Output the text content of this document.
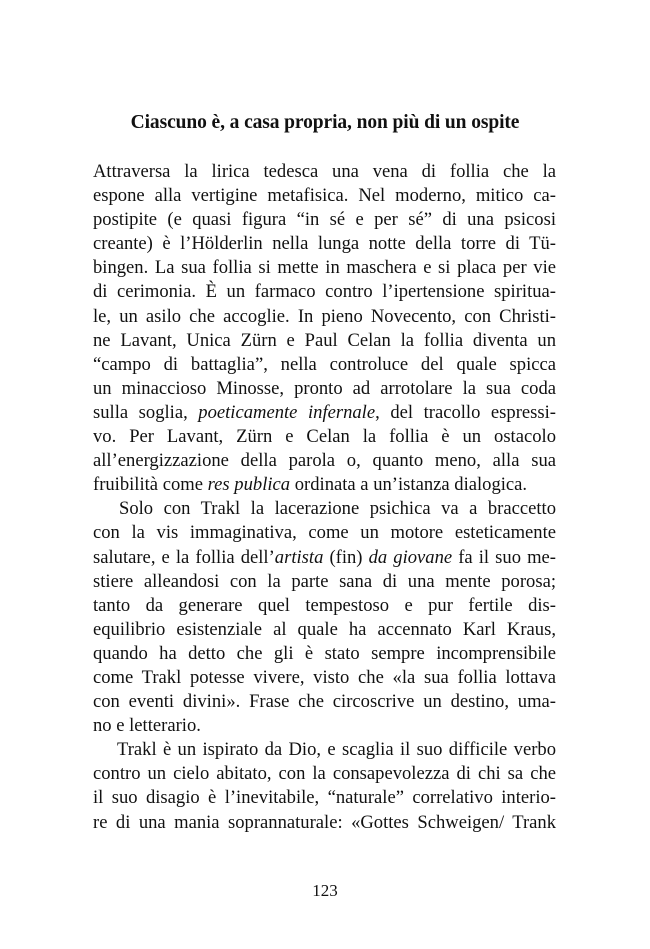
Ciascuno è, a casa propria, non più di un ospite
Attraversa la lirica tedesca una vena di follia che la
espone alla vertigine metafisica. Nel moderno, mitico ca-
postipite (e quasi figura “in sé e per sé” di una psicosi
creante) è l’Hölderlin nella lunga notte della torre di Tü-
bingen. La sua follia si mette in maschera e si placa per vie
di cerimonia. È un farmaco contro l’ipertensione spiritua-
le, un asilo che accoglie. In pieno Novecento, con Christi-
ne Lavant, Unica Zürn e Paul Celan la follia diventa un
“campo di battaglia”, nella controluce del quale spicca
un minaccioso Minosse, pronto ad arrotolare la sua coda
sulla soglia, poeticamente infernale, del tracollo espressi-
vo. Per Lavant, Zürn e Celan la follia è un ostacolo
all’energizzazione della parola o, quanto meno, alla sua
fruibilità come res publica ordinata a un’istanza dialogica.
Solo con Trakl la lacerazione psichica va a braccetto
con la vis immaginativa, come un motore esteticamente
salutare, e la follia dell’artista (fin) da giovane fa il suo me-
stiere alleandosi con la parte sana di una mente porosa;
tanto da generare quel tempestoso e pur fertile dis-
equilibrio esistenziale al quale ha accennato Karl Kraus,
quando ha detto che gli è stato sempre incomprensibile
come Trakl potesse vivere, visto che «la sua follia lottava
con eventi divini». Frase che circoscrive un destino, uma-
no e letterario.
Trakl è un ispirato da Dio, e scaglia il suo difficile verbo
contro un cielo abitato, con la consapevolezza di chi sa che
il suo disagio è l’inevitabile, “naturale” correlativo interio-
re di una mania soprannaturale: «Gottes Schweigen/ Trank
123
